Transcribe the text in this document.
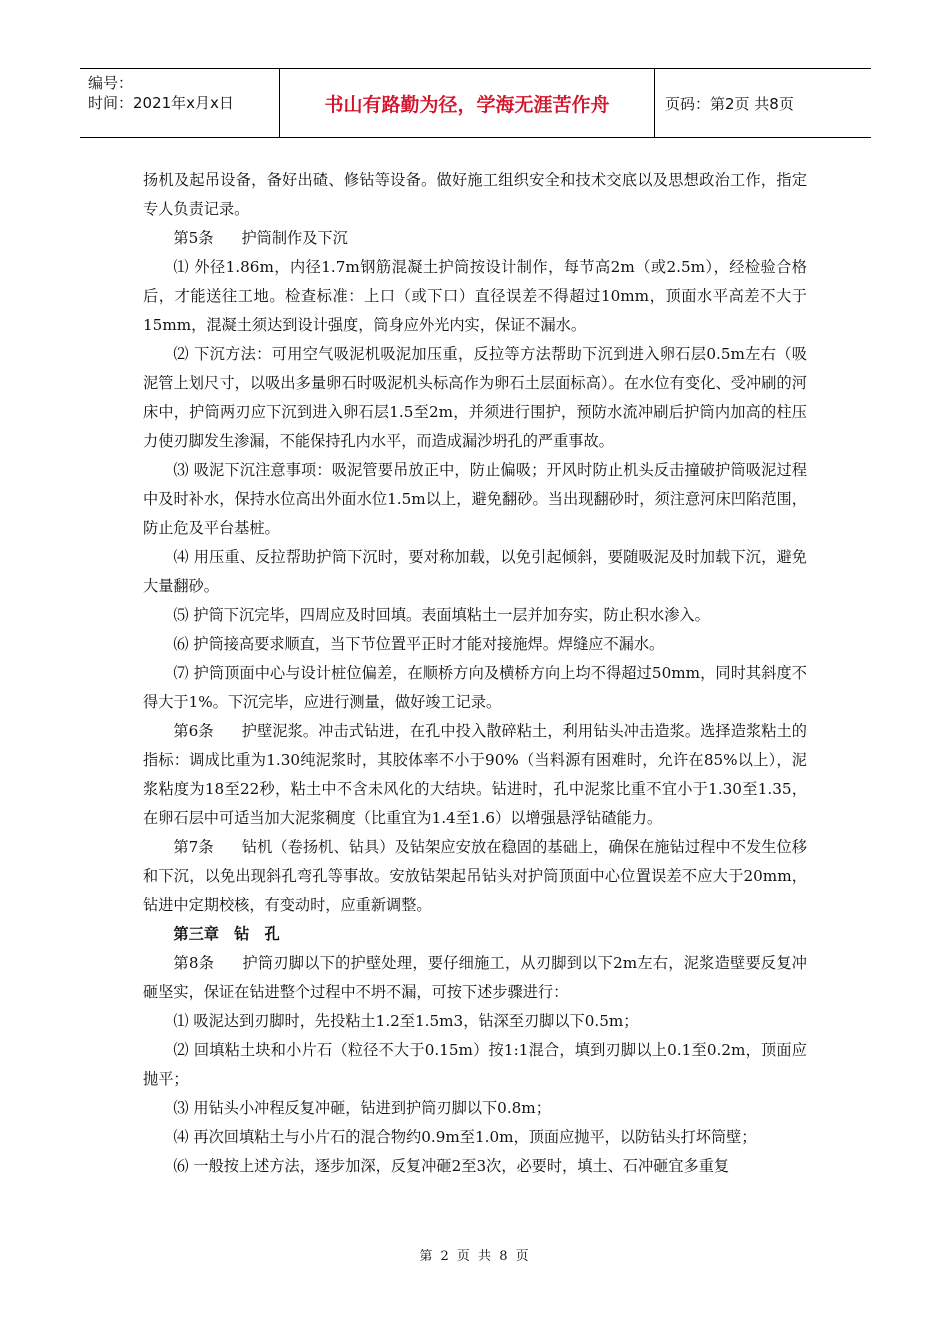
编号：
时间：2021年x月x日	书山有路勤为径，学海无涯苦作舟	页码：第2页 共8页

扬机及起吊设备，备好出碴、修钻等设备。做好施工组织安全和技术交底以及思想政治工作，指定专人负责记录。

第5条 护筒制作及下沉

⑴ 外径1.86m，内径1.7m钢筋混凝土护筒按设计制作，每节高2m（或2.5m），经检验合格后，才能送往工地。检查标准：上口（或下口）直径误差不得超过10mm，顶面水平高差不大于15mm，混凝土须达到设计强度，筒身应外光内实，保证不漏水。

⑵ 下沉方法：可用空气吸泥机吸泥加压重，反拉等方法帮助下沉到进入卵石层0.5m左右（吸泥管上划尺寸，以吸出多量卵石时吸泥机头标高作为卵石土层面标高）。在水位有变化、受冲刷的河床中，护筒两刃应下沉到进入卵石层1.5至2m，并须进行围护，预防水流冲刷后护筒内加高的柱压力使刃脚发生渗漏，不能保持孔内水平，而造成漏沙坍孔的严重事故。

⑶ 吸泥下沉注意事项：吸泥管要吊放正中，防止偏吸；开风时防止机头反击撞破护筒吸泥过程中及时补水，保持水位高出外面水位1.5m以上，避免翻砂。当出现翻砂时，须注意河床凹陷范围，防止危及平台基桩。

⑷ 用压重、反拉帮助护筒下沉时，要对称加载，以免引起倾斜，要随吸泥及时加载下沉，避免大量翻砂。

⑸ 护筒下沉完毕，四周应及时回填。表面填粘土一层并加夯实，防止积水渗入。

⑹ 护筒接高要求顺直，当下节位置平正时才能对接施焊。焊缝应不漏水。

⑺ 护筒顶面中心与设计桩位偏差，在顺桥方向及横桥方向上均不得超过50mm，同时其斜度不得大于1%。下沉完毕，应进行测量，做好竣工记录。

第6条 护壁泥浆。冲击式钻进，在孔中投入散碎粘土，利用钻头冲击造浆。选择造浆粘土的指标：调成比重为1.30纯泥浆时，其胶体率不小于90%（当料源有困难时，允许在85%以上），泥浆粘度为18至22秒，粘土中不含未风化的大结块。钻进时，孔中泥浆比重不宜小于1.30至1.35，在卵石层中可适当加大泥浆稠度（比重宜为1.4至1.6）以增强悬浮钻碴能力。

第7条 钻机（卷扬机、钻具）及钻架应安放在稳固的基础上，确保在施钻过程中不发生位移和下沉，以免出现斜孔弯孔等事故。安放钻架起吊钻头对护筒顶面中心位置误差不应大于20mm，钻进中定期校核，有变动时，应重新调整。

第三章　钻　孔

第8条 护筒刃脚以下的护壁处理，要仔细施工，从刃脚到以下2m左右，泥浆造壁要反复冲砸坚实，保证在钻进整个过程中不坍不漏，可按下述步骤进行：

⑴ 吸泥达到刃脚时，先投粘土1.2至1.5m3，钻深至刃脚以下0.5m；

⑵ 回填粘土块和小片石（粒径不大于0.15m）按1:1混合，填到刃脚以上0.1至0.2m，顶面应抛平；

⑶ 用钻头小冲程反复冲砸，钻进到护筒刃脚以下0.8m；

⑷ 再次回填粘土与小片石的混合物约0.9m至1.0m，顶面应抛平，以防钻头打坏筒壁；

⑹ 一般按上述方法，逐步加深，反复冲砸2至3次，必要时，填土、石冲砸宜多重复

第 2 页 共 8 页
